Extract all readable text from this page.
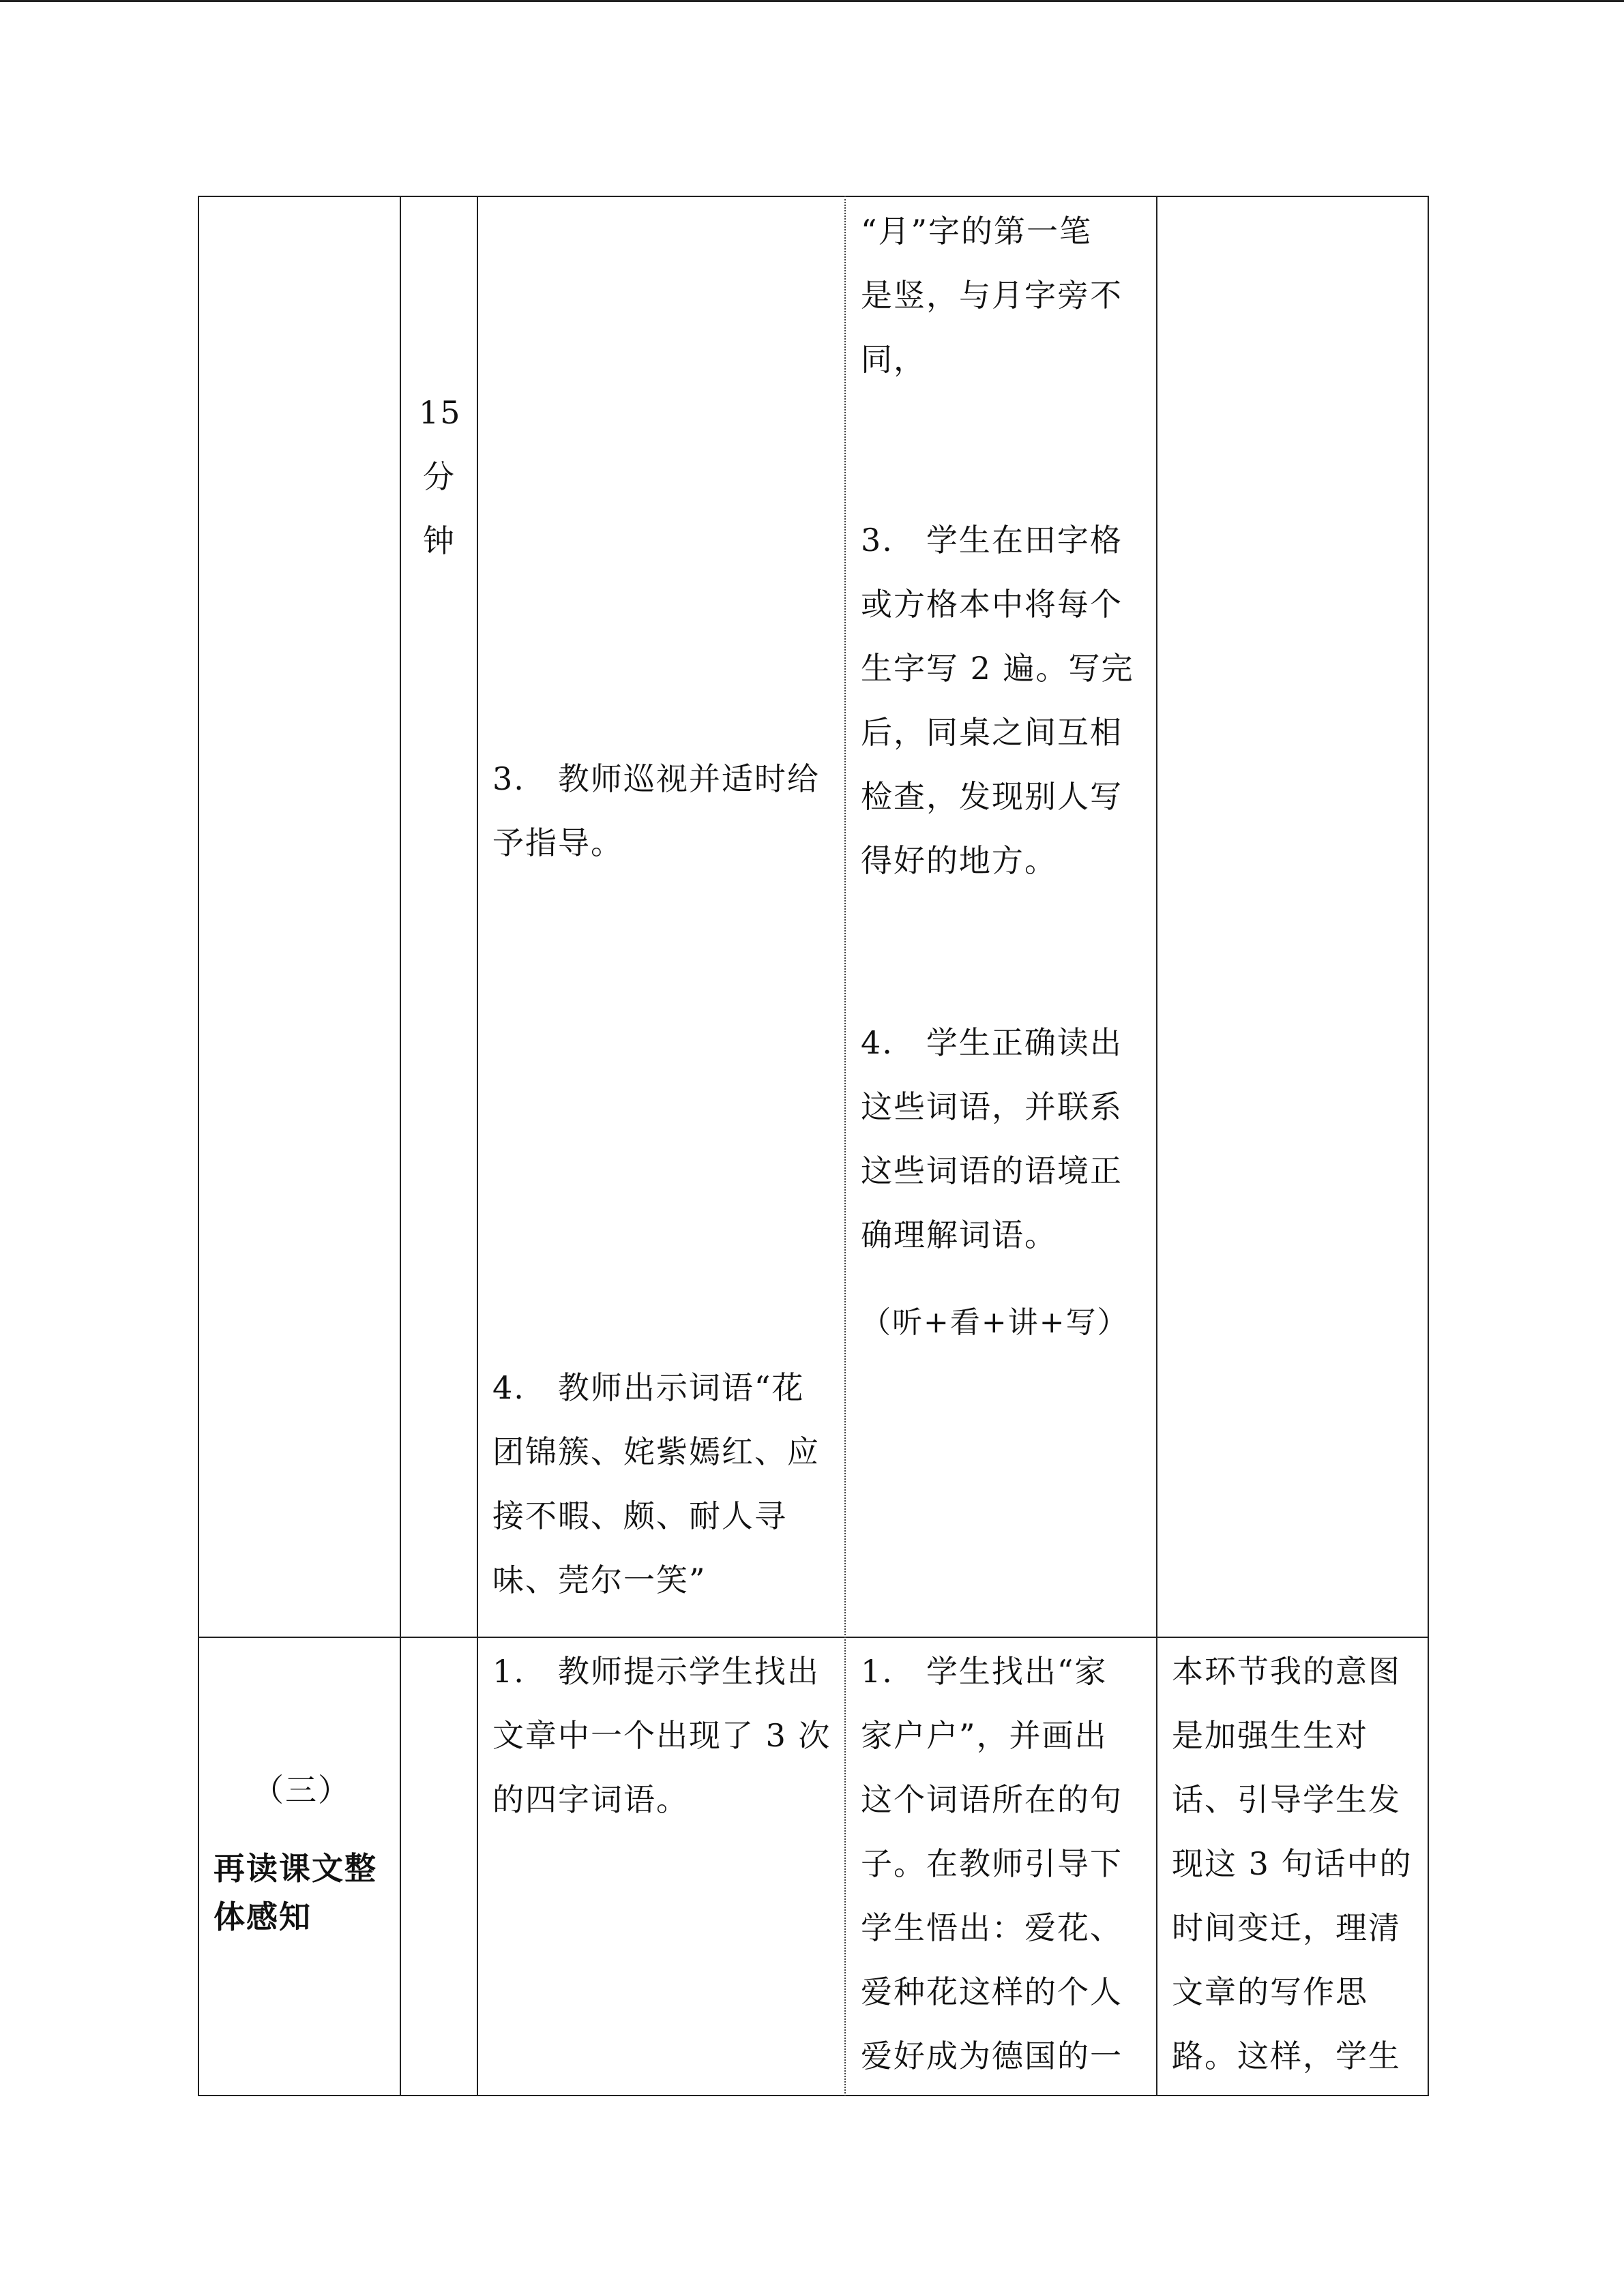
15
分
钟
3.　教师巡视并适时给
予指导。
4.　教师出示词语“花
团锦簇、姹紫嫣红、应
接不暇、颇、耐人寻
味、莞尔一笑”
“月”字的第一笔
是竖，与月字旁不
同，
3.　学生在田字格
或方格本中将每个
生字写 2 遍。写完
后，同桌之间互相
检查，发现别人写
得好的地方。
4.　学生正确读出
这些词语，并联系
这些词语的语境正
确理解词语。
（听+看+讲+写）
（三）
再读课文整
体感知
1.　教师提示学生找出
文章中一个出现了 3 次
的四字词语。
1.　学生找出“家
家户户”，并画出
这个词语所在的句
子。在教师引导下
学生悟出：爱花、
爱种花这样的个人
爱好成为德国的一
本环节我的意图
是加强生生对
话、引导学生发
现这 3 句话中的
时间变迁，理清
文章的写作思
路。这样，学生
